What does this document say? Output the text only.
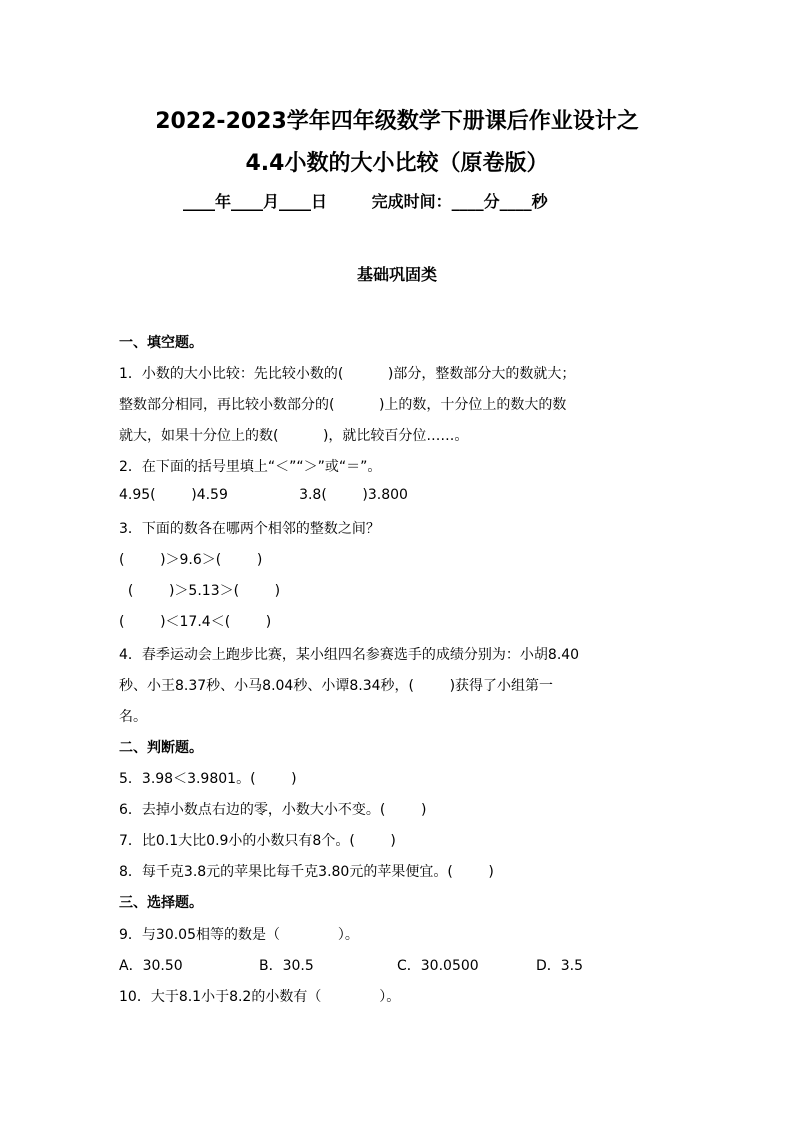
2022-2023学年四年级数学下册课后作业设计之
4.4小数的大小比较（原卷版）
____年____月____日        完成时间：____分____秒
基础巩固类
一、填空题。
1．小数的大小比较：先比较小数的(          )部分，整数部分大的数就大；
整数部分相同，再比较小数部分的(          )上的数，十分位上的数大的数
就大，如果十分位上的数(          )，就比较百分位……。
2．在下面的括号里填上“＜”“＞”或“＝”。
4.95(        )4.59                3.8(        )3.800
3．下面的数各在哪两个相邻的整数之间？
(        )＞9.6＞(        )
(        )＞5.13＞(        )
(        )＜17.4＜(        )
4．春季运动会上跑步比赛，某小组四名参赛选手的成绩分别为：小胡8.40
秒、小王8.37秒、小马8.04秒、小谭8.34秒，(        )获得了小组第一
名。
二、判断题。
5．3.98＜3.9801。(        )
6．去掉小数点右边的零，小数大小不变。(        )
7．比0.1大比0.9小的小数只有8个。(        )
8．每千克3.8元的苹果比每千克3.80元的苹果便宜。(        )
三、选择题。
9．与30.05相等的数是（             ）。
A．30.50	B．30.5	C．30.0500	D．3.5
10．大于8.1小于8.2的小数有（             ）。
